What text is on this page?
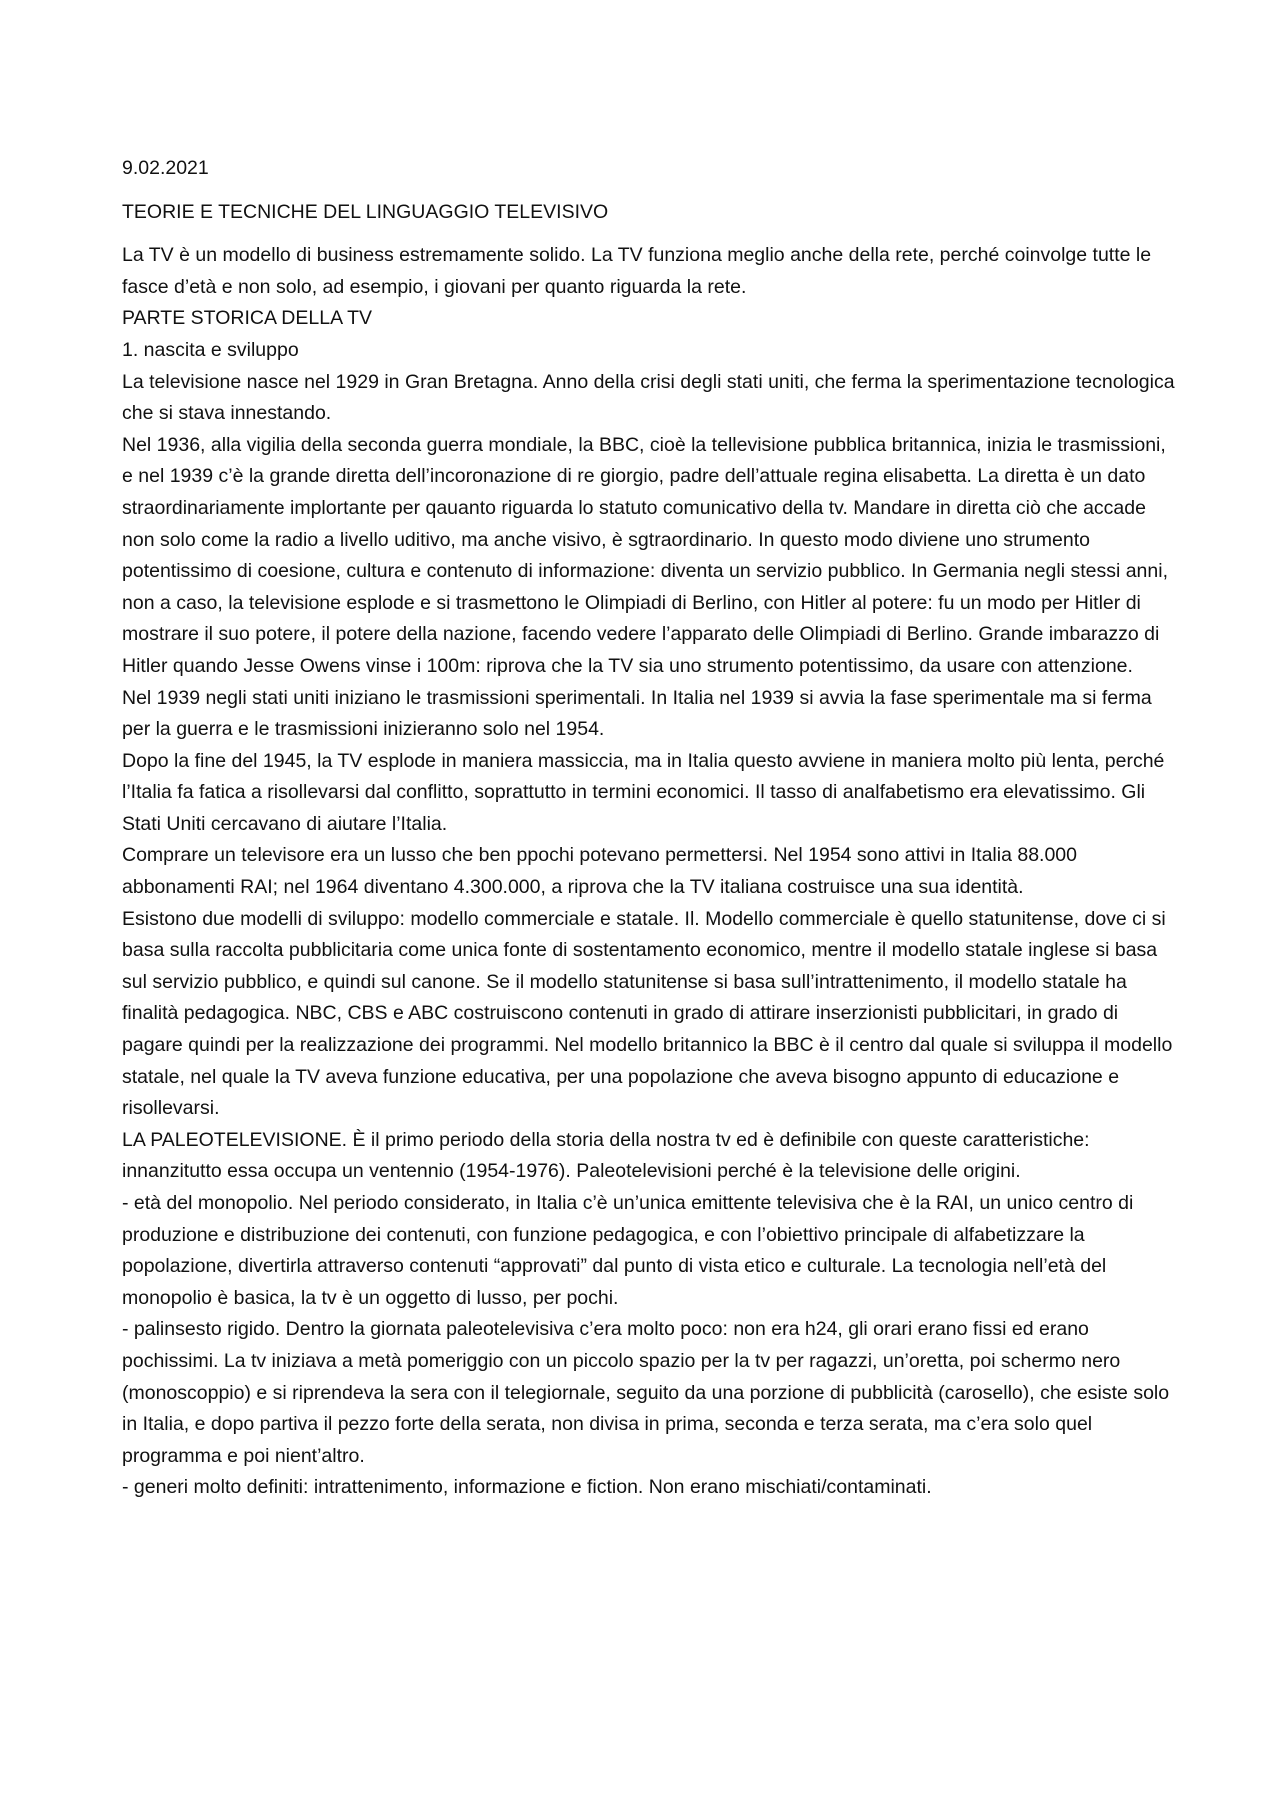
9.02.2021

TEORIE E TECNICHE DEL LINGUAGGIO TELEVISIVO

La TV è un modello di business estremamente solido. La TV funziona meglio anche della rete, perché coinvolge tutte le fasce d’età e non solo, ad esempio, i giovani per quanto riguarda la rete.

PARTE STORICA DELLA TV

1. nascita e sviluppo

La televisione nasce nel 1929 in Gran Bretagna. Anno della crisi degli stati uniti, che ferma la sperimentazione tecnologica che si stava innestando.

Nel 1936, alla vigilia della seconda guerra mondiale, la BBC, cioè la tellevisione pubblica britannica, inizia le trasmissioni, e nel 1939 c’è la grande diretta dell’incoronazione di re giorgio, padre dell’attuale regina elisabetta. La diretta è un dato straordinariamente implortante per qauanto riguarda lo statuto comunicativo della tv. Mandare in diretta ciò che accade non solo come la radio a livello uditivo, ma anche visivo, è sgtraordinario. In questo modo diviene uno strumento potentissimo di coesione, cultura e contenuto di informazione: diventa un servizio pubblico. In Germania negli stessi anni, non a caso, la televisione esplode e si trasmettono le Olimpiadi di Berlino, con Hitler al potere: fu un modo per Hitler di mostrare il suo potere, il potere della nazione, facendo vedere l’apparato delle Olimpiadi di Berlino. Grande imbarazzo di Hitler quando Jesse Owens vinse i 100m: riprova che la TV sia uno strumento potentissimo, da usare con attenzione.

Nel 1939 negli stati uniti iniziano le trasmissioni sperimentali. In Italia nel 1939 si avvia la fase sperimentale ma si ferma per la guerra e le trasmissioni inizieranno solo nel 1954.

Dopo la fine del 1945, la TV esplode in maniera massiccia, ma in Italia questo avviene in maniera molto più lenta, perché l’Italia fa fatica a risollevarsi dal conflitto, soprattutto in termini economici. Il tasso di analfabetismo era elevatissimo. Gli Stati Uniti cercavano di aiutare l’Italia.

Comprare un televisore era un lusso che ben ppochi potevano permettersi. Nel 1954 sono attivi in Italia 88.000 abbonamenti RAI; nel 1964 diventano 4.300.000, a riprova che la TV italiana costruisce una sua identità.

Esistono due modelli di sviluppo: modello commerciale e statale. Il. Modello commerciale è quello statunitense, dove ci si basa sulla raccolta pubblicitaria come unica fonte di sostentamento economico, mentre il modello statale inglese si basa sul servizio pubblico, e quindi sul canone. Se il modello statunitense si basa sull’intrattenimento, il modello statale ha finalità pedagogica. NBC, CBS e ABC costruiscono contenuti in grado di attirare inserzionisti pubblicitari, in grado di pagare quindi per la realizzazione dei programmi. Nel modello britannico la BBC è il centro dal quale si sviluppa il modello statale, nel quale la TV aveva funzione educativa, per una popolazione che aveva bisogno appunto di educazione e risollevarsi.

LA PALEOTELEVISIONE. È il primo periodo della storia della nostra tv ed è definibile con queste caratteristiche: innanzitutto essa occupa un ventennio (1954-1976). Paleotelevisioni perché è la televisione delle origini.

- età del monopolio. Nel periodo considerato, in Italia c’è un’unica emittente televisiva che è la RAI, un unico centro di produzione e distribuzione dei contenuti, con funzione pedagogica, e con l’obiettivo principale di alfabetizzare la popolazione, divertirla attraverso contenuti “approvati” dal punto di vista etico e culturale. La tecnologia nell’età del monopolio è basica, la tv è un oggetto di lusso, per pochi.

- palinsesto rigido. Dentro la giornata paleotelevisiva c’era molto poco: non era h24, gli orari erano fissi ed erano pochissimi. La tv iniziava a metà pomeriggio con un piccolo spazio per la tv per ragazzi, un’oretta, poi schermo nero (monoscoppio) e si riprendeva la sera con il telegiornale, seguito da una porzione di pubblicità (carosello), che esiste solo in Italia, e dopo partiva il pezzo forte della serata, non divisa in prima, seconda e terza serata, ma c’era solo quel programma e poi nient’altro.

- generi molto definiti: intrattenimento, informazione e fiction. Non erano mischiati/contaminati.
